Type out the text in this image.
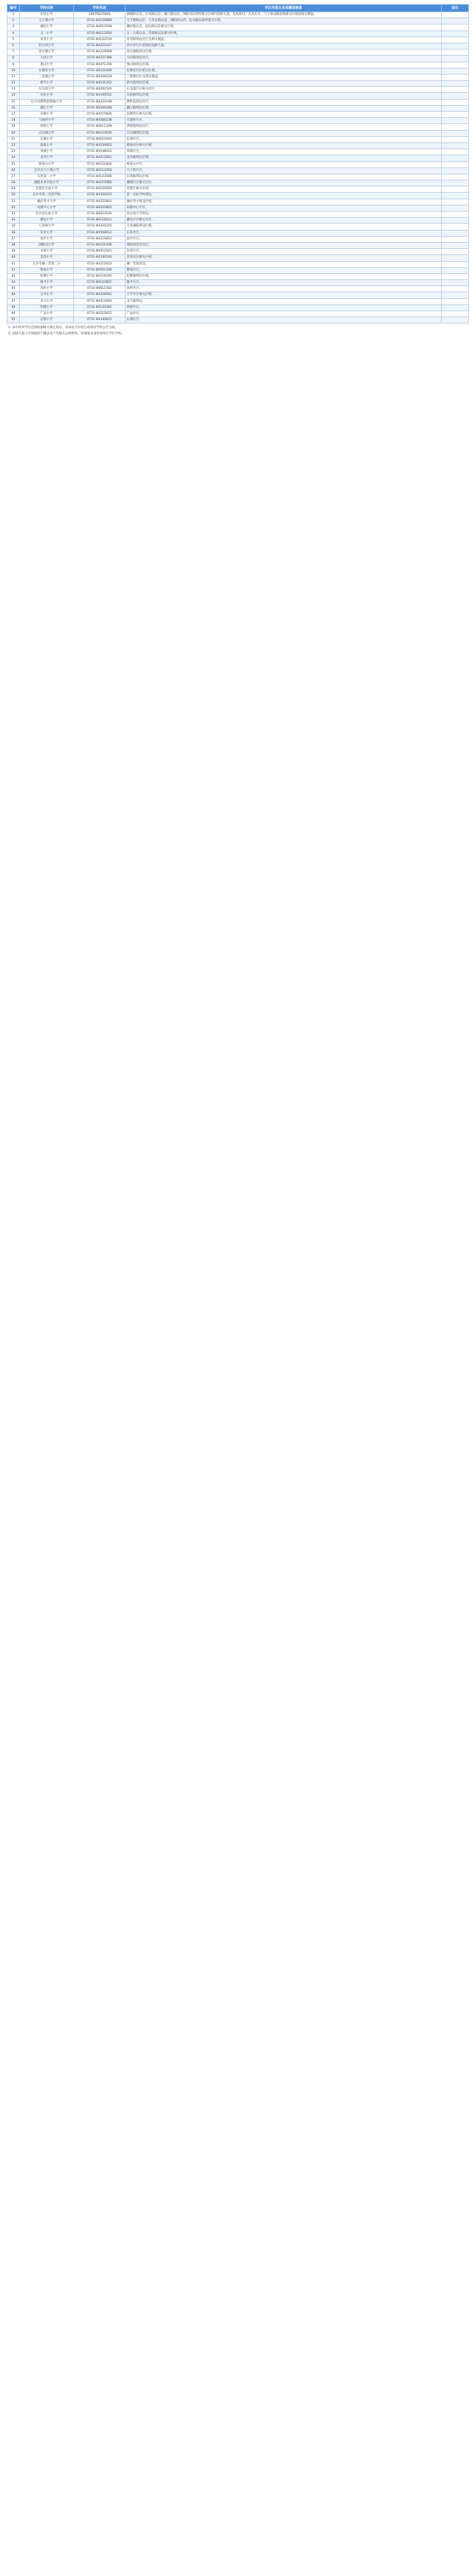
编号	学校名称	学校电话	学区范围及具体覆盖楼盘	备注
1	东风小学	18975825969	浏城桥以北，东风路以东，湘江路以南，浏阳河以西所围合区域内适龄儿童。东风新村、东风社区、马王堆北路沿线部分区域及相关楼盘。	
2	马王堆小学	0731-84120889	马王堆路以东，人民东路以北，浏阳河以西，远大路以南所围合区域。	
3	湘府小学	0731-84610558	湘府路以北，韶山路以东相关区域。	
4	五一小学	0731-84112050	五一大道以北，芙蓉路以东部分区域。	
5	育英小学	0731-84122150	育英路周边社区及相关楼盘。	
6	四方坪小学	0731-84221507	四方坪片区范围内适龄儿童。	
7	清水塘小学	0731-84229068	清水塘路周边区域。	
8	大同小学	0731-84227388	大同路周边社区。	
9	燕山小学	0731-84471256	燕山街周边区域。	
10	长塘里小学	0731-84121006	长塘里社区相关区域。	
11	三角塘小学	0731-84436528	三角塘社区及周边楼盘。	
12	新竹小学	0731-84531252	新竹路周边区域。	
13	东屯渡小学	0731-84492520	东屯渡片区相关社区。	
14	火炬小学	0731-84330512	火炬路周边区域。	
15	长沙市教科院附属小学	0731-84420198	教科院周边社区。	
16	湘江小学	0731-85046208	湘江路周边区域。	
17	泉塘小学	0731-84215826	泉塘社区相关区域。	
18	马坡岭小学	0731-84560238	马坡岭片区。	
19	鸿铭小学	0731-84611209	鸿铭路周边社区。	
20	古汉城小学	0731-84123520	古汉城周边区域。	
21	东湖小学	0731-84610263	东湖片区。	
22	锦泰小学	0731-84226815	锦泰社区相关区域。	
23	凤凰小学	0731-85038012	凤凰片区。	
24	龙华小学	0731-84412061	龙华路周边区域。	
25	杨家山小学	0731-84121826	杨家山社区。	
26	长沙市马王堆小学	0731-84112050	马王堆片区。	
27	东风第二小学	0731-84123566	东风路周边区域。	
28	湘郡未来实验小学	0731-84215066	湘郡片区相关社区。	
29	芙蓉区实验小学	0731-84120050	芙蓉区相关区域。	
30	长沙市第一实验学校	0731-84320015	第一实验学校周边。	
31	湘府英才小学	0731-84522801	湘府英才周边区域。	
32	泉塘中心小学	0731-84225802	泉塘中心片区。	
33	长沙县实验小学	0731-84023526	县实验小学周边。	
34	湘龙小学	0731-84116211	湘龙片区相关社区。	
35	万家丽小学	0731-84420215	万家丽路周边区域。	
36	东业小学	0731-84568012	东业社区。	
37	星沙小学	0731-84216852	星沙片区。	
38	浏阳河小学	0731-84121036	浏阳河沿岸社区。	
39	木莲小学	0731-84412501	木莲片区。	
40	金茂小学	0731-84330526	金茂社区相关区域。	
41	长沙市湘一芙蓉二小	0731-84215610	湘一芙蓉周边。	
42	雅境小学	0731-84561206	雅境片区。	
43	松雅小学	0731-84216205	松雅湖周边区域。	
44	隆平小学	0731-84122801	隆平片区。	
45	高岭小学	0731-84611582	高岭社区。	
46	合平小学	0731-84226052	合平片区相关区域。	
47	龙马小学	0731-84412826	龙马路周边。	
48	明德小学	0731-84120362	明德片区。	
49	广益小学	0731-84215822	广益社区。	
50	长郡小学	0731-84330815	长郡片区。	

1. 表中所列学区范围依据相关规定划分，具体以当年招生政策及学校公告为准。

2. 适龄儿童入学须提供户籍及房产等相关证明材料，详细要求请咨询所在学区学校。
